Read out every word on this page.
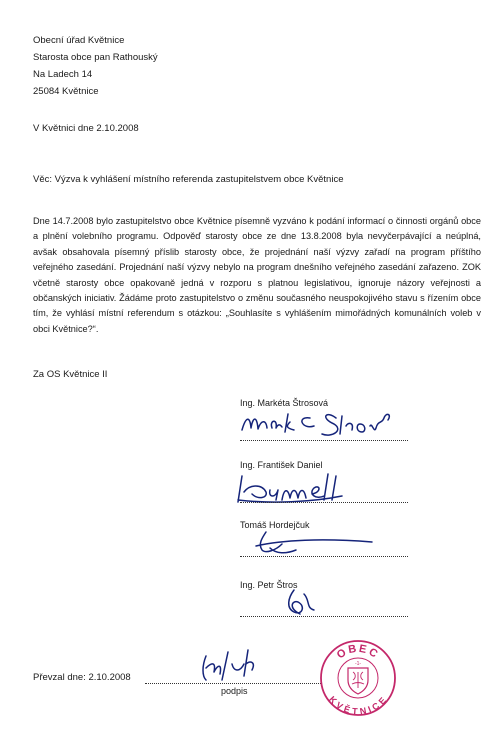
Obecní úřad Květnice
Starosta obce pan Rathouský
Na Ladech 14
25084 Květnice
V Květnici dne 2.10.2008
Věc: Výzva k vyhlášení místního referenda zastupitelstvem obce Květnice
Dne 14.7.2008 bylo zastupitelstvo obce Květnice písemně vyzváno k podání informací o činnosti orgánů obce a plnění volebního programu. Odpověď starosty obce ze dne 13.8.2008 byla nevyčerpávající a neúplná, avšak obsahovala písemný příslib starosty obce, že projednání naší výzvy zařadí na program příštího veřejného zasedání. Projednání naší výzvy nebylo na program dnešního veřejného zasedání zařazeno. ZOK včetně starosty obce opakovaně jedná v rozporu s platnou legislativou, ignoruje názory veřejnosti a občanských iniciativ. Žádáme proto zastupitelstvo o změnu současného neuspokojivého stavu s řízením obce tím, že vyhlásí místní referendum s otázkou: „Souhlasíte s vyhlášením mimořádných komunálních voleb v obci Květnice?“.
Za OS Květnice II
Ing. Markéta Štrosová
Ing. František Daniel
Tomáš Hordejčuk
Ing. Petr Štros
Převzal dne: 2.10.2008
podpis
OBEC
KVĚTNICE
-1-
